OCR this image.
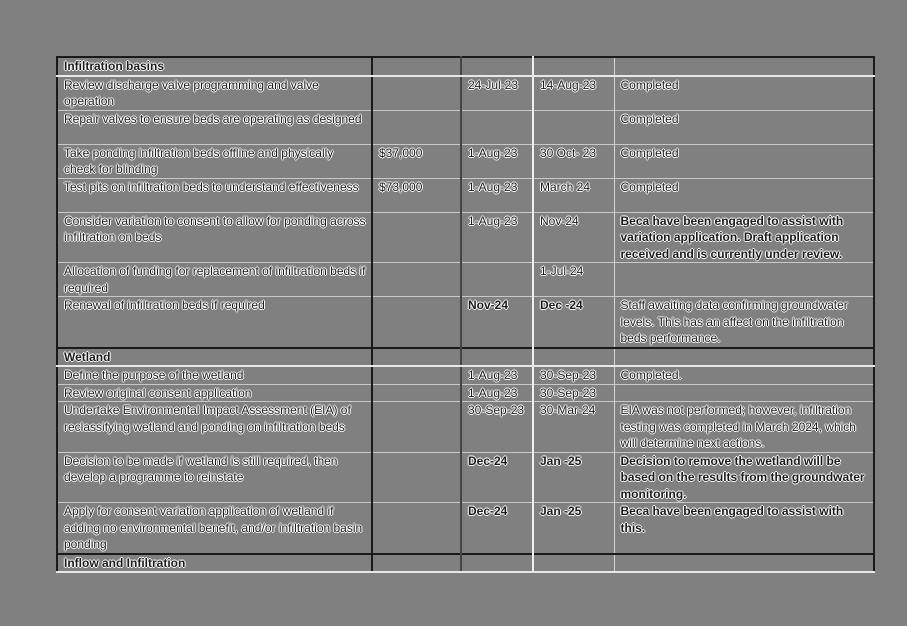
Infiltration basins				
Review discharge valve programming and valve operation		24-Jul-23	14-Aug-23	Completed
Repair valves to ensure beds are operating as designed				Completed
Take ponding infiltration beds offline and physically check for blinding	$37,000	1-Aug-23	30 Oct- 23	Completed
Test pits on infiltration beds to understand effectiveness	$73,000	1-Aug-23	March 24	Completed
Consider variation to consent to allow for ponding across infiltration on beds		1-Aug-23	Nov-24	Beca have been engaged to assist with variation application. Draft application received and is currently under review.
Allocation of funding for replacement of infiltration beds if required			1-Jul-24	
Renewal of infiltration beds if required		Nov-24	Dec -24	Staff awaiting data confirming groundwater levels. This has an affect on the infiltration beds performance.
Wetland				
Define the purpose of the wetland		1-Aug-23	30-Sep-23	Completed.
Review original consent application		1-Aug-23	30-Sep-23	
Undertake Environmental Impact Assessment (EIA) of reclassifying wetland and ponding on infiltration beds		30-Sep-23	30-Mar-24	EIA was not performed; however, infiltration testing was completed in March 2024, which will determine next actions.
Decision to be made if wetland is still required, then develop a programme to reinstate		Dec-24	Jan -25	Decision to remove the wetland will be based on the results from the groundwater monitoring.
Apply for consent variation application of wetland if adding no environmental benefit, and/or infiltration basin ponding		Dec-24	Jan -25	Beca have been engaged to assist with this.
Inflow and Infiltration				
